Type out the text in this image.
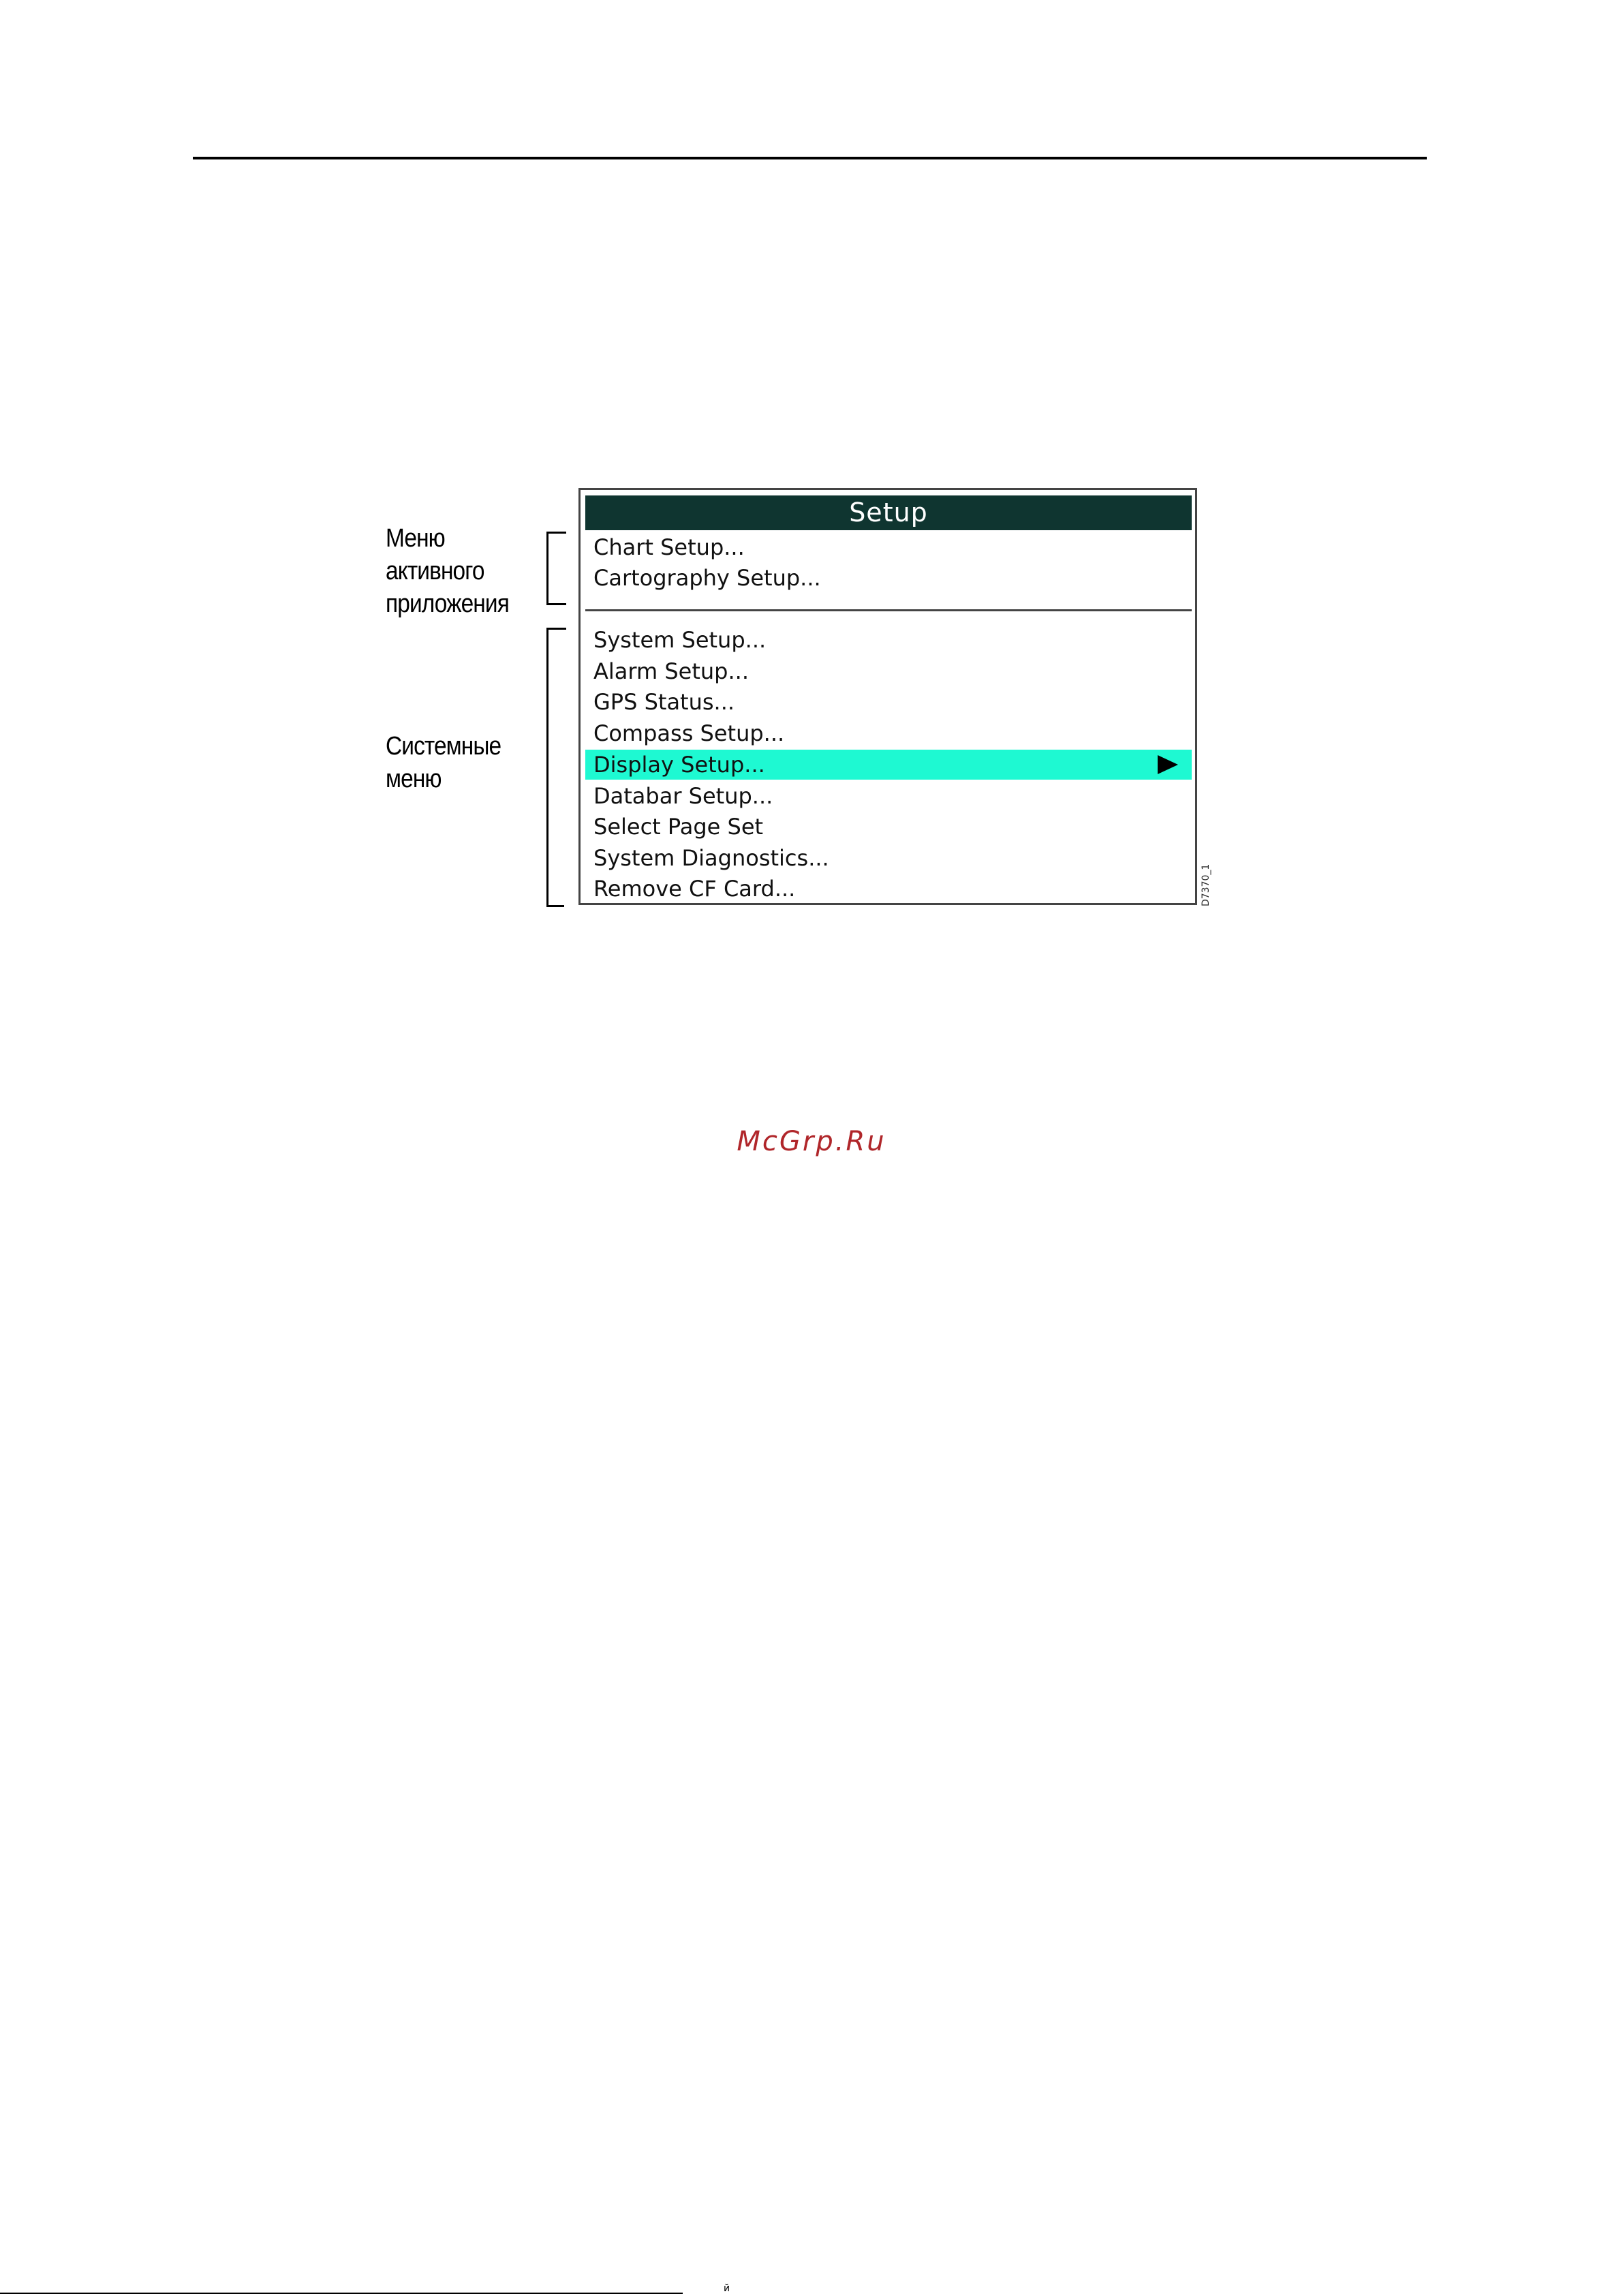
Меню
активного
приложения
Системные
меню
Setup
Chart Setup...
Cartography Setup...
System Setup...
Alarm Setup...
GPS Status...
Compass Setup...
Display Setup...
Databar Setup...
Select Page Set
System Diagnostics...
Remove CF Card...	D7370_1
McGrp.Ru
й
